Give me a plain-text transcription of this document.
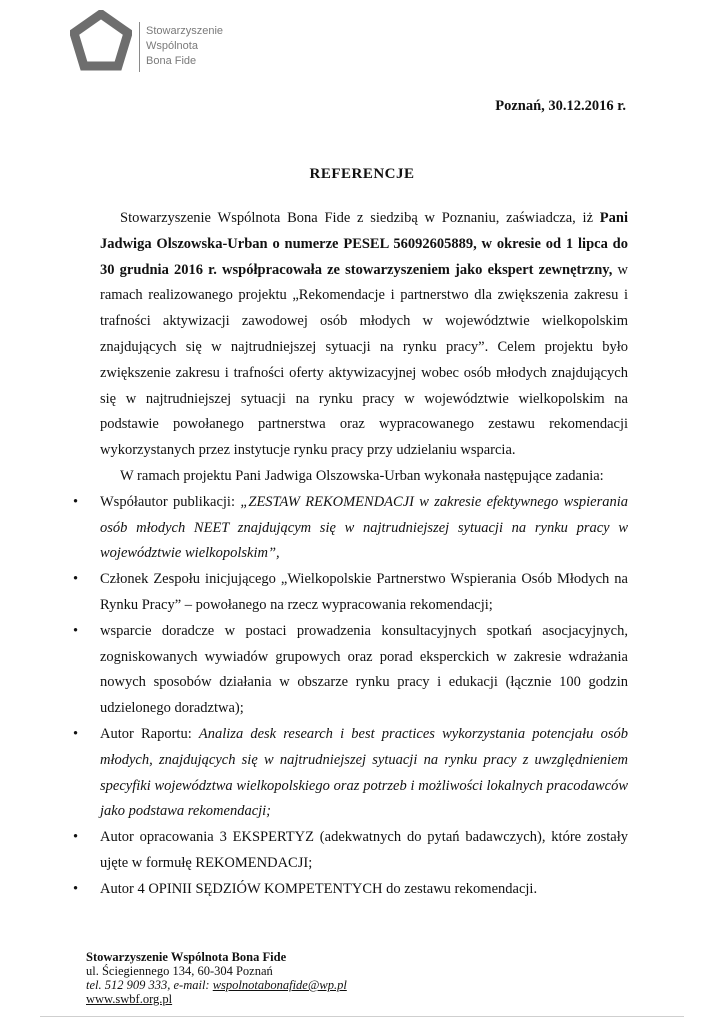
Stowarzyszenie
Wspólnota
Bona Fide
Poznań, 30.12.2016 r.
REFERENCJE

Stowarzyszenie Wspólnota Bona Fide z siedzibą w Poznaniu, zaświadcza, iż Pani Jadwiga Olszowska-Urban o numerze PESEL 56092605889, w okresie od 1 lipca do 30 grudnia 2016 r. współpracowała ze stowarzyszeniem jako ekspert zewnętrzny, w ramach realizowanego projektu „Rekomendacje i partnerstwo dla zwiększenia zakresu i trafności aktywizacji zawodowej osób młodych w województwie wielkopolskim znajdujących się w najtrudniejszej sytuacji na rynku pracy”. Celem projektu było zwiększenie zakresu i trafności oferty aktywizacyjnej wobec osób młodych znajdujących się w najtrudniejszej sytuacji na rynku pracy w województwie wielkopolskim na podstawie powołanego partnerstwa oraz wypracowanego zestawu rekomendacji wykorzystanych przez instytucje rynku pracy przy udzielaniu wsparcia.

W ramach projektu Pani Jadwiga Olszowska-Urban wykonała następujące zadania:

• Współautor publikacji: „ZESTAW REKOMENDACJI w zakresie efektywnego wspierania osób młodych NEET znajdującym się w najtrudniejszej sytuacji na rynku pracy w województwie wielkopolskim”,
• Członek Zespołu inicjującego „Wielkopolskie Partnerstwo Wspierania Osób Młodych na Rynku Pracy” – powołanego na rzecz wypracowania rekomendacji;
• wsparcie doradcze w postaci prowadzenia konsultacyjnych spotkań asocjacyjnych, zogniskowanych wywiadów grupowych oraz porad eksperckich w zakresie wdrażania nowych sposobów działania w obszarze rynku pracy i edukacji (łącznie 100 godzin udzielonego doradztwa);
• Autor Raportu: Analiza desk research i best practices wykorzystania potencjału osób młodych, znajdujących się w najtrudniejszej sytuacji na rynku pracy z uwzględnieniem specyfiki województwa wielkopolskiego oraz potrzeb i możliwości lokalnych pracodawców jako podstawa rekomendacji;
• Autor opracowania 3 EKSPERTYZ (adekwatnych do pytań badawczych), które zostały ujęte w formułę REKOMENDACJI;
• Autor 4 OPINII SĘDZIÓW KOMPETENTYCH do zestawu rekomendacji.
Stowarzyszenie Wspólnota Bona Fide
ul. Ściegiennego 134, 60-304 Poznań
tel. 512 909 333, e-mail: wspolnotabonafide@wp.pl
www.swbf.org.pl
